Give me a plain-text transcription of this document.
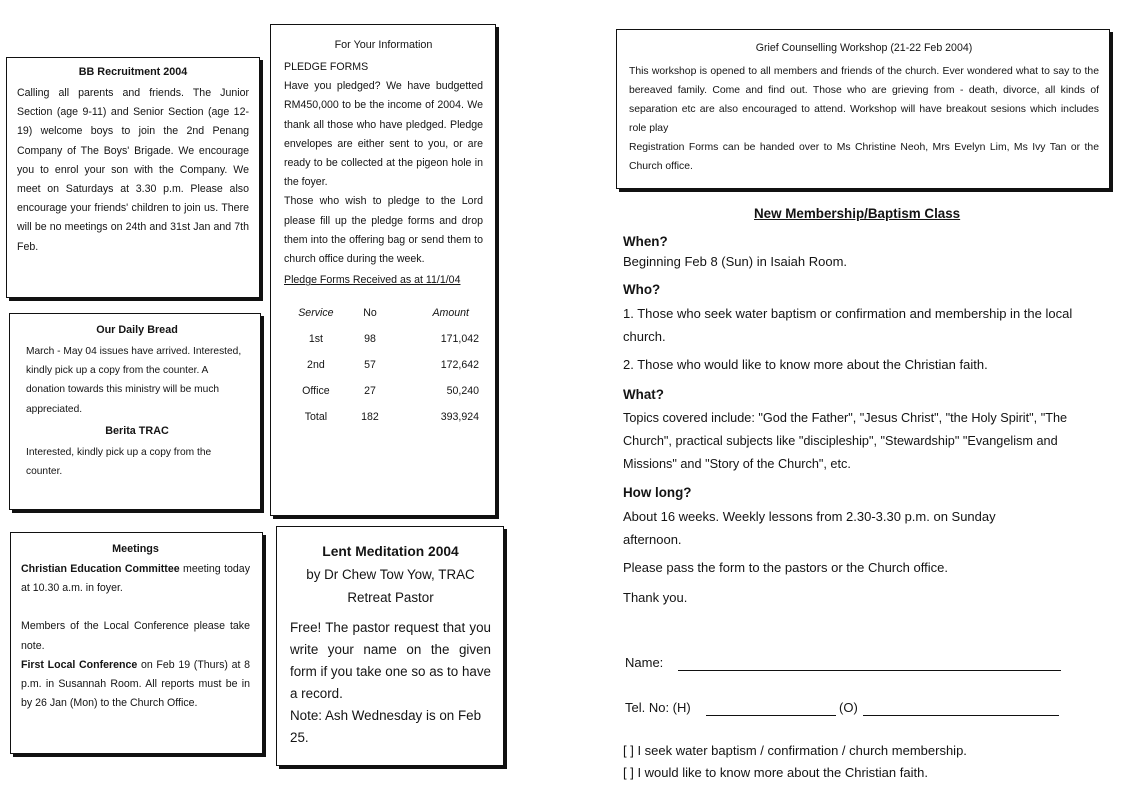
BB Recruitment 2004

Calling all parents and friends. The Junior Section (age 9-11) and Senior Section (age 12-19) welcome boys to join the 2nd Penang Company of The Boys' Brigade. We encourage you to enrol your son with the Company. We meet on Saturdays at 3.30 p.m. Please also encourage your friends' children to join us. There will be no meetings on 24th and 31st Jan and 7th Feb.

Our Daily Bread

March - May 04 issues have arrived. Interested, kindly pick up a copy from the counter. A donation towards this ministry will be much appreciated.

Berita TRAC

Interested, kindly pick up a copy from the counter.

Meetings

Christian Education Committee meeting today at 10.30 a.m. in foyer.

Members of the Local Conference please take note.

First Local Conference on Feb 19 (Thurs) at 8 p.m. in Susannah Room. All reports must be in by 26 Jan (Mon) to the Church Office.

For Your Information

PLEDGE FORMS

Have you pledged? We have budgetted RM450,000 to be the income of 2004. We thank all those who have pledged. Pledge envelopes are either sent to you, or are ready to be collected at the pigeon hole in the foyer.

Those who wish to pledge to the Lord please fill up the pledge forms and drop them into the offering bag or send them to church office during the week.

Pledge Forms Received as at 11/1/04

Service	No	Amount
1st	98	171,042
2nd	57	172,642
Office	27	50,240
Total	182	393,924
Lent Meditation 2004
by Dr Chew Tow Yow, TRAC Retreat Pastor

Free! The pastor request that you write your name on the given form if you take one so as to have a record.

Note: Ash Wednesday is on Feb 25.

Grief Counselling Workshop (21-22 Feb 2004)

This workshop is opened to all members and friends of the church. Ever wondered what to say to the bereaved family. Come and find out. Those who are grieving from - death, divorce, all kinds of separation etc are also encouraged to attend. Workshop will have breakout sesions which includes role play

Registration Forms can be handed over to Ms Christine Neoh, Mrs Evelyn Lim, Ms Ivy Tan or the Church office.

New Membership/Baptism Class
When?
Beginning Feb 8 (Sun) in Isaiah Room.
Who?
1. Those who seek water baptism or confirmation and membership in the local church.
2. Those who would like to know more about the Christian faith.
What?
Topics covered include: "God the Father", "Jesus Christ", "the Holy Spirit", "The Church", practical subjects like "discipleship", "Stewardship" "Evangelism and Missions" and "Story of the Church", etc.
How long?
About 16 weeks. Weekly lessons from 2.30-3.30 p.m. on Sunday afternoon.
Please pass the form to the pastors or the Church office.
Thank you.
Name:
Tel. No: (H)	(O)
[ ] I seek water baptism / confirmation / church membership.
[ ] I would like to know more about the Christian faith.
